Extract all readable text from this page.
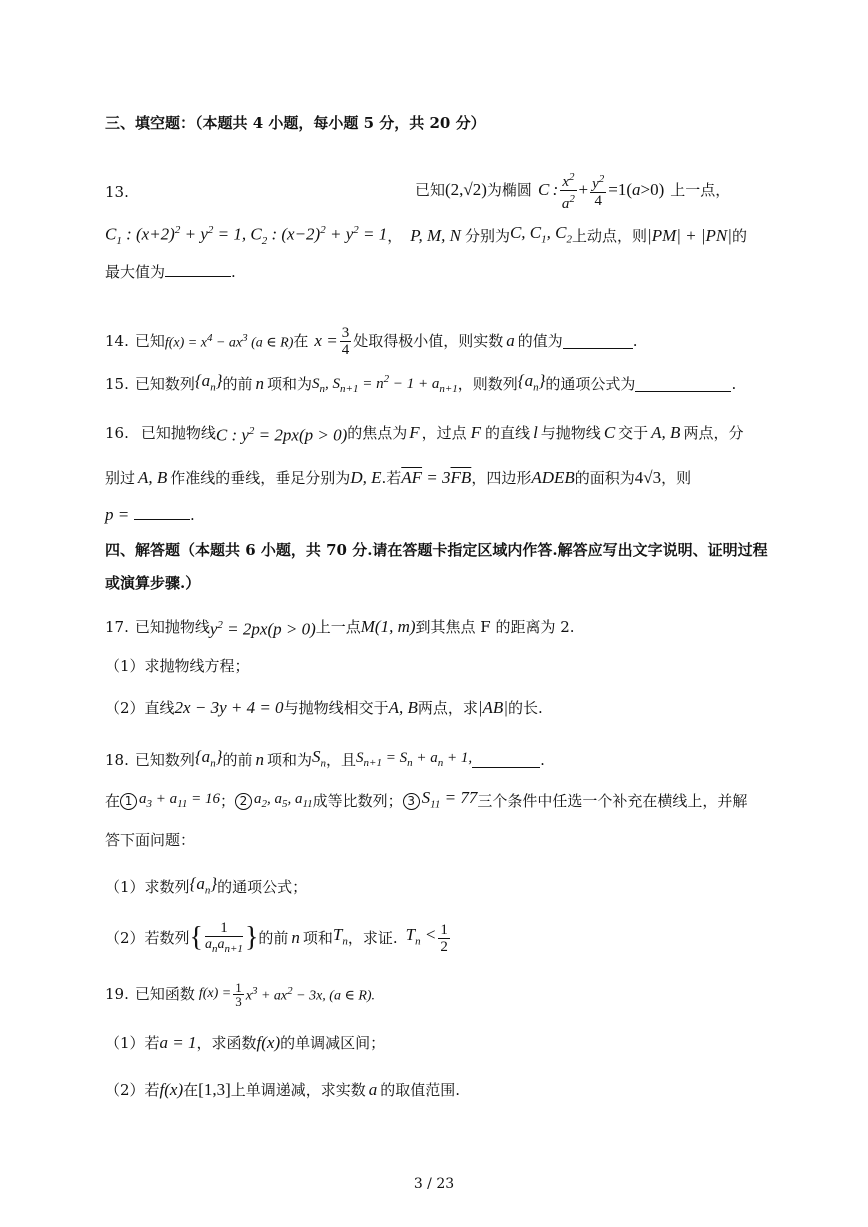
三、填空题：（本题共 4 小题，每小题 5 分，共 20 分）
13.	已知 (2,√2) 为椭圆 C : $\frac{x^2}{a^2} + \frac{y^2}{4} =1(a>0)$ 上一点，
$C_1$ : $(x+2)^2 + y^2 = 1$, $C_2$ : $(x-2)^2 + y^2 = 1$ ， P, M, N 分别为 C, $C_1$, $C_2$ 上动点，则 |PM| + |PN| 的
最大值为	.
14. 已知 $f(x) = x^4 - ax^3$ (a ∈ R) 在 $x = \frac{3}{4}$ 处取得极小值，则实数 a 的值为	.
15. 已知数列 $\{a_n\}$ 的前 n 项和为 $S_n$, $S_{n+1} = n^2 - 1 + a_{n+1}$ ，则数列 $\{a_n\}$ 的通项公式为	.
16. 已知抛物线 C : $y^2 = 2px(p > 0)$ 的焦点为 F ，过点 F 的直线 l 与抛物线 C 交于 A, B 两点，分
别过 A, B 作准线的垂线，垂足分别为 D, E .若 $\overline{AF} = 3\overline{FB}$ ，四边形 ADEB 的面积为 4√3 ，则
p =	.
四、解答题（本题共 6 小题，共 70 分.请在答题卡指定区域内作答.解答应写出文字说明、证明过程
或演算步骤.）
17. 已知抛物线 $y^2 = 2px(p > 0)$ 上一点 M(1, m) 到其焦点 F 的距离为 2.
（1）求抛物线方程；
（2）直线 2x − 3y + 4 = 0 与抛物线相交于 A, B 两点，求 |AB| 的长.
18. 已知数列 $\{a_n\}$ 的前 n 项和为 $S_n$ ，且 $S_{n+1} = S_n + a_n + 1$,	.
在 1 $a_3 + a_{11} = 16$ ； 2 $a_2$, $a_5$, $a_{11}$ 成等比数列； 3 $S_{11} = 77$ 三个条件中任选一个补充在横线上，并解
答下面问题：
（1）求数列 $\{a_n\}$ 的通项公式；
（2）若数列 { $\frac{1}{a_na_{n+1}}$ } 的前 n 项和 $T_n$ ，求证. $T_n < \frac{1}{2}$
19. 已知函数 $f(x) = \frac{1}{3} x^3 + ax^2 - 3x$, (a ∈ R).
（1）若 a = 1 ，求函数 f(x) 的单调减区间；
（2）若 f(x) 在 [1,3] 上单调递减，求实数 a 的取值范围.
3 / 23
